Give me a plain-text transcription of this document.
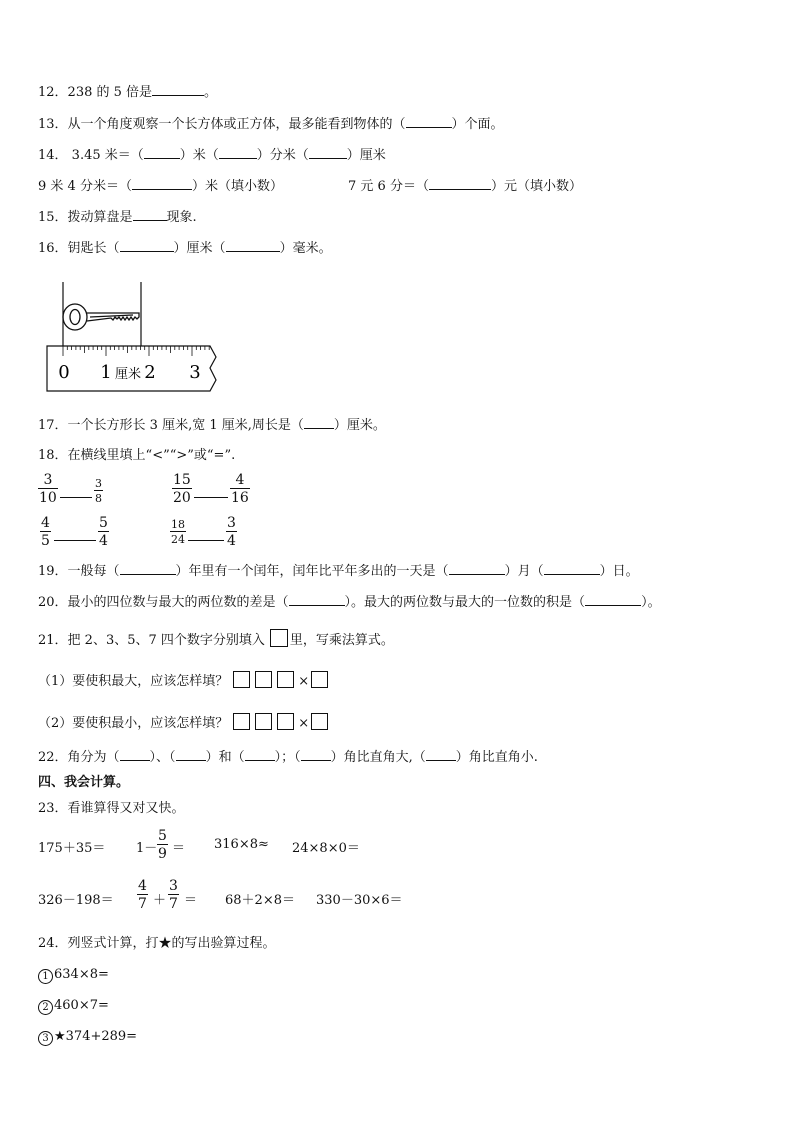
12．238 的 5 倍是	。
13．从一个角度观察一个长方体或正方体，最多能看到物体的（	）个面。
14． 3.45 米＝（	）米（	）分米（	）厘米
9 米 4 分米＝（	）米（填小数）	7 元 6 分＝（	）元（填小数）
15．拨动算盘是	现象.
16．钥匙长（	）厘米（	）毫米。
0 1 厘米 2 3
17．一个长方形长 3 厘米,宽 1 厘米,周长是（ ）厘米。
18．在横线里填上“<”“>”或“=”.
$\frac{3}{10}$	$\frac{3}{8}$	$\frac{15}{20}$	$\frac{4}{16}$
$\frac{4}{5}$	$\frac{5}{4}$	$\frac{18}{24}$	$\frac{3}{4}$
19．一般每（	）年里有一个闰年，闰年比平年多出的一天是（	）月（	）日。
20．最小的四位数与最大的两位数的差是（	）。最大的两位数与最大的一位数的积是（	）。
21．把 2、3、5、7 四个数字分别填入 里，写乘法算式。
（1）要使积最大，应该怎样填？	×
（2）要使积最小，应该怎样填？	×
22．角分为（ ）、（ ）和（ ）；（ ）角比直角大,（ ）角比直角小.
四、我会计算。
23．看谁算得又对又快。
$175+35= 1- \frac{5}{9} = 316\times 8\approx 24\times 8\times 0=$
$326-198= \frac{4}{7} + \frac{3}{7} = 68+2\times 8= 330-30\times 6=$
24．列竖式计算，打★的写出验算过程。
1 634×8=
2 460×7=
3 ★374+289=
